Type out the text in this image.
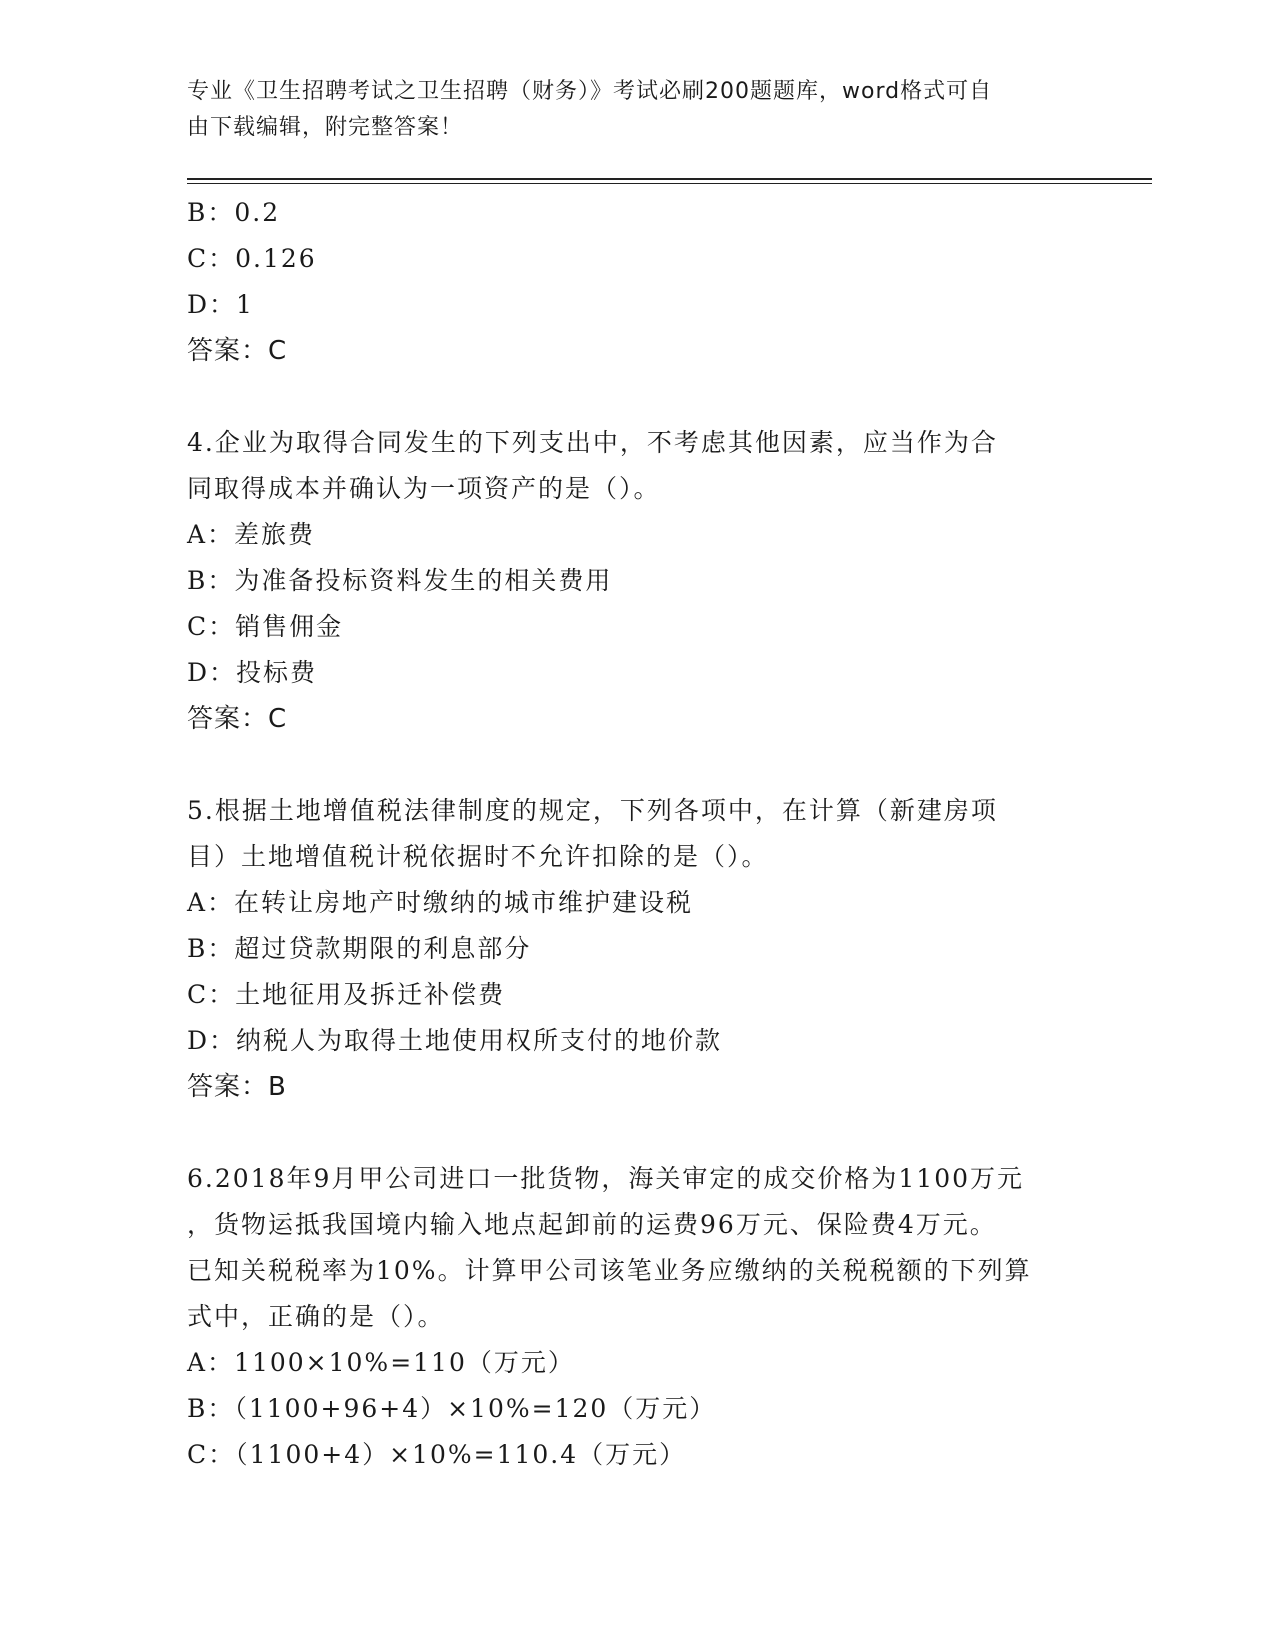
专业《卫生招聘考试之卫生招聘（财务）》考试必刷200题题库，word格式可自
由下载编辑，附完整答案！
B：0.2
C：0.126
D：1
答案：C
4.企业为取得合同发生的下列支出中，不考虑其他因素，应当作为合
同取得成本并确认为一项资产的是（）。
A：差旅费
B：为准备投标资料发生的相关费用
C：销售佣金
D：投标费
答案：C
5.根据土地增值税法律制度的规定，下列各项中，在计算（新建房项
目）土地增值税计税依据时不允许扣除的是（）。
A：在转让房地产时缴纳的城市维护建设税
B：超过贷款期限的利息部分
C：土地征用及拆迁补偿费
D：纳税人为取得土地使用权所支付的地价款
答案：B
6.2018年9月甲公司进口一批货物，海关审定的成交价格为1100万元
，货物运抵我国境内输入地点起卸前的运费96万元、保险费4万元。
已知关税税率为10%。计算甲公司该笔业务应缴纳的关税税额的下列算
式中，正确的是（）。
A：1100×10%=110（万元）
B：（1100+96+4）×10%=120（万元）
C：（1100+4）×10%=110.4（万元）
